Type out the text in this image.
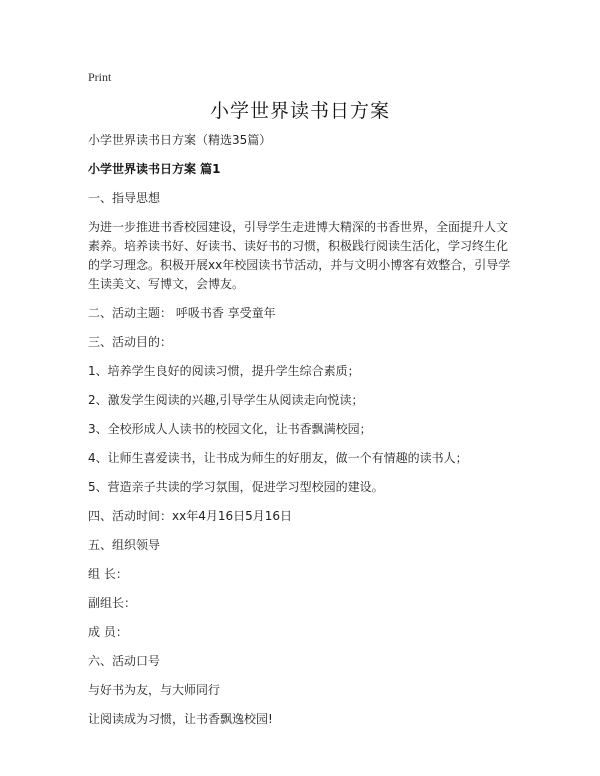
Print
小学世界读书日方案

小学世界读书日方案（精选35篇）

小学世界读书日方案 篇1

一、指导思想

为进一步推进书香校园建设，引导学生走进博大精深的书香世界，全面提升人文素养。培养读书好、好读书、读好书的习惯，积极践行阅读生活化，学习终生化的学习理念。积极开展xx年校园读书节活动，并与文明小博客有效整合，引导学生读美文、写博文，会博友。

二、活动主题： 呼吸书香 享受童年

三、活动目的：

1、培养学生良好的阅读习惯，提升学生综合素质；

2、激发学生阅读的兴趣,引导学生从阅读走向悦读；

3、全校形成人人读书的校园文化，让书香飘满校园；

4、让师生喜爱读书，让书成为师生的好朋友，做一个有情趣的读书人；

5、营造亲子共读的学习氛围，促进学习型校园的建设。

四、活动时间：xx年4月16日5月16日

五、组织领导

组 长：

副组长：

成 员：

六、活动口号

与好书为友，与大师同行

让阅读成为习惯，让书香飘逸校园!
